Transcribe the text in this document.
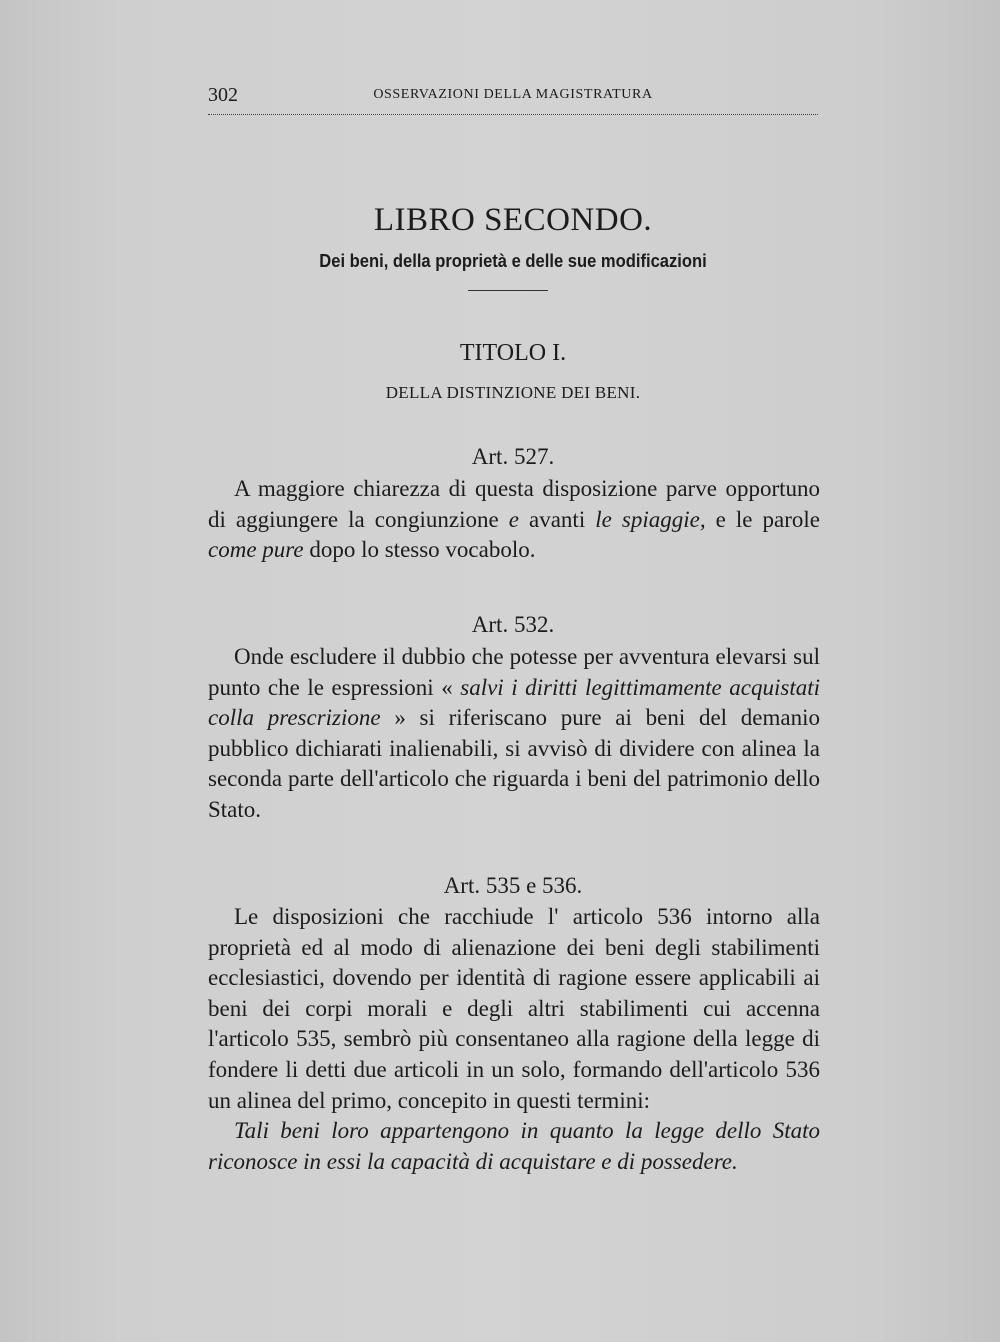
302	OSSERVAZIONI DELLA MAGISTRATURA
LIBRO SECONDO.
Dei beni, della proprietà e delle sue modificazioni
TITOLO I.
DELLA DISTINZIONE DEI BENI.
Art. 527.
A maggiore chiarezza di questa disposizione parve opportuno di aggiungere la congiunzione e avanti le spiaggie, e le parole come pure dopo lo stesso vocabolo.
Art. 532.
Onde escludere il dubbio che potesse per avventura elevarsi sul punto che le espressioni « salvi i diritti legittimamente acquistati colla prescrizione » si riferiscano pure ai beni del demanio pubblico dichiarati inalienabili, si avvisò di dividere con alinea la seconda parte dell'articolo che riguarda i beni del patrimonio dello Stato.
Art. 535 e 536.
Le disposizioni che racchiude l' articolo 536 intorno alla proprietà ed al modo di alienazione dei beni degli stabilimenti ecclesiastici, dovendo per identità di ragione essere applicabili ai beni dei corpi morali e degli altri stabilimenti cui accenna l'articolo 535, sembrò più consentaneo alla ragione della legge di fondere li detti due articoli in un solo, formando dell'articolo 536 un alinea del primo, concepito in questi termini:
Tali beni loro appartengono in quanto la legge dello Stato riconosce in essi la capacità di acquistare e di possedere.
